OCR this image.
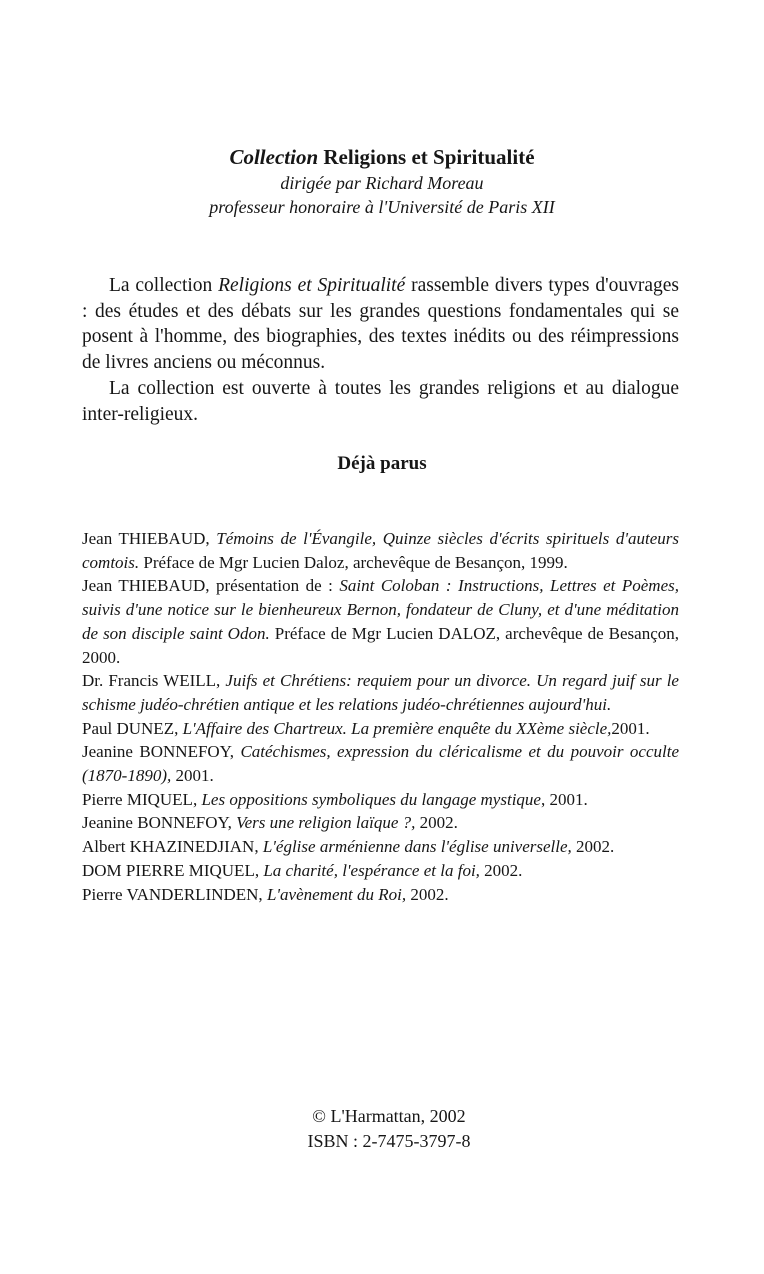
Collection Religions et Spiritualité
dirigée par Richard Moreau
professeur honoraire à l'Université de Paris XII

La collection Religions et Spiritualité rassemble divers types d'ouvrages : des études et des débats sur les grandes questions fondamentales qui se posent à l'homme, des biographies, des textes inédits ou des réimpressions de livres anciens ou méconnus.

La collection est ouverte à toutes les grandes religions et au dialogue inter-religieux.

Déjà parus
Jean THIEBAUD, Témoins de l'Évangile, Quinze siècles d'écrits spirituels d'auteurs comtois. Préface de Mgr Lucien Daloz, archevêque de Besançon, 1999.
Jean THIEBAUD, présentation de : Saint Coloban : Instructions, Lettres et Poèmes, suivis d'une notice sur le bienheureux Bernon, fondateur de Cluny, et d'une méditation de son disciple saint Odon. Préface de Mgr Lucien DALOZ, archevêque de Besançon, 2000.
Dr. Francis WEILL, Juifs et Chrétiens: requiem pour un divorce. Un regard juif sur le schisme judéo-chrétien antique et les relations judéo-chrétiennes aujourd'hui.
Paul DUNEZ, L'Affaire des Chartreux. La première enquête du XXème siècle,2001.
Jeanine BONNEFOY, Catéchismes, expression du cléricalisme et du pouvoir occulte (1870-1890), 2001.
Pierre MIQUEL, Les oppositions symboliques du langage mystique, 2001.
Jeanine BONNEFOY, Vers une religion laïque ?, 2002.
Albert KHAZINEDJIAN, L'église arménienne dans l'église universelle, 2002.
DOM PIERRE MIQUEL, La charité, l'espérance et la foi, 2002.
Pierre VANDERLINDEN, L'avènement du Roi, 2002.
© L'Harmattan, 2002
ISBN : 2-7475-3797-8
